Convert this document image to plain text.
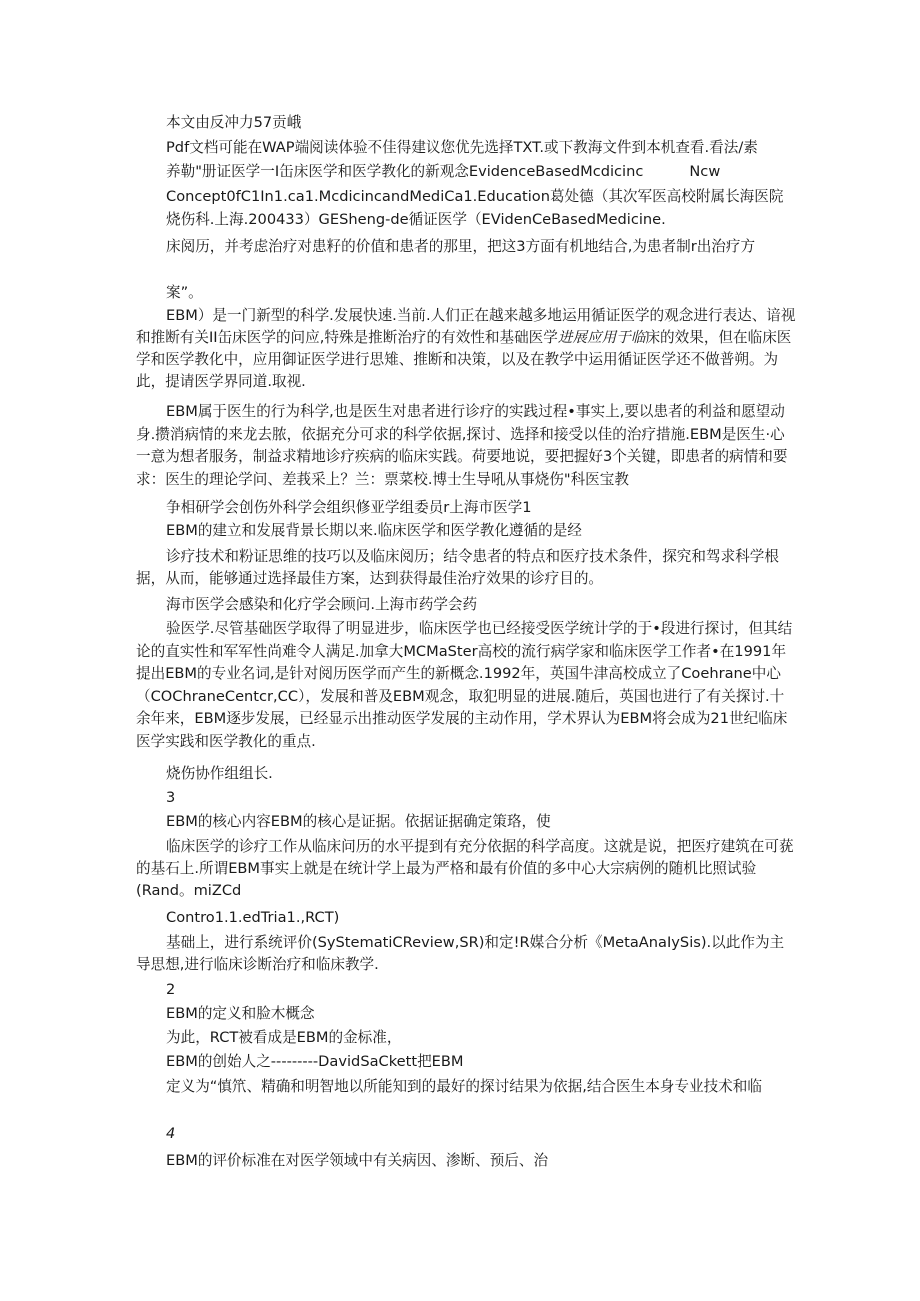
本文由反冲力57贡峨
Pdf文档可能在WAP端阅读体验不佳得建议您优先选择TXT.或下教海文件到本机查看.看法/素
养勒"册证医学一I缶床医学和医学教化的新观念EvidenceBasedMcdicinc	Ncw
Concept0fC1In1.ca1.McdicincandMediCa1.Education葛处德（其次军医高校附属长海医院
烧伤科.上海.200433）GESheng-de循证医学（EVidenCeBasedMedicine.
床阅历，并考虑治疗对患籽的价值和患者的那里，把这3方面有机地结合,为患者制r出治疗方
案”。
EBM）是一门新型的科学.发展快速.当前.人们正在越来越多地运用循证医学的观念进行表达、谙视和推断有关II缶床医学的问应,特殊是推断治疗的有效性和基础医学进展应用于临床的效果，但在临床医学和医学教化中，应用御证医学进行思雉、推断和决策，以及在教学中运用循证医学还不做普朔。为此，提请医学界同道.取视.
EBM属于医生的行为科学,也是医生对患者进行诊疗的实践过程•事实上,要以患者的利益和愿望动身.攒消病情的来龙去脓，依据充分可求的科学依据,探讨、选择和接受以佳的治疗措施.EBM是医生·心一意为想者服务，制益求精地诊疗疾病的临床实践。荷要地说，要把握好3个关键，即患者的病情和要求：医生的理论学问、差莪采上？兰：票菜校.博士生导吼从事烧伤"科医宝教
争相研学会创伤外科学会组织修亚学组委员r上海市医学1
EBM的建立和发展背景长期以来.临床医学和医学教化遵循的是经
诊疗技术和粉证思维的技巧以及临床阅历；结令患者的特点和医疗技术条件，探究和驾求科学根据，从而，能够通过选择最佳方案，达到获得最佳治疗效果的诊疗目的。
海市医学会感染和化疗学会顾问.上海市药学会药
验医学.尽管基础医学取得了明显进步，临床医学也已经接受医学统计学的于•段进行探讨，但其结论的直实性和军军性尚难令人满足.加拿大MCMaSter高校的流行病学家和临床医学工作者•在1991年提出EBM的专业名词,是针对阅历医学而产生的新概念.1992年，英国牛津高校成立了Coehrane中心（COChraneCentcr,CC），发展和普及EBM观念，取犯明显的进展.随后，英国也进行了有关探讨.十余年来，EBM逐步发展，已经显示出推动医学发展的主动作用，学术界认为EBM将会成为21世纪临床医学实践和医学教化的重点.
烧伤协作组组长.
3
EBM的核心内容EBM的核心是证据。依据证据确定策珞，使
临床医学的诊疗工作从临床问历的水平提到有充分依据的科学高度。这就是说，把医疗建筑在可莸的基石上.所谓EBM事实上就是在统计学上最为严格和最有价值的多中心大宗病例的随机比照试验(Rand。miZCd
Contro1.1.edTria1.,RCT)
基础上，进行系统评价(SyStematiCReview,SR)和定!R媒合分析《MetaAnaIySis).以此作为主导思想,进行临床诊断治疗和临床教学.
2
EBM的定义和脸木概念
为此，RCT被看成是EBM的金标准，
EBM的创始人之---------DavidSaCkett把EBM
定义为“慎笊、精确和明智地以所能知到的最好的探讨结果为依据,结合医生本身专业技术和临
4
EBM的评价标准在对医学领域中有关病因、渗断、预后、治
